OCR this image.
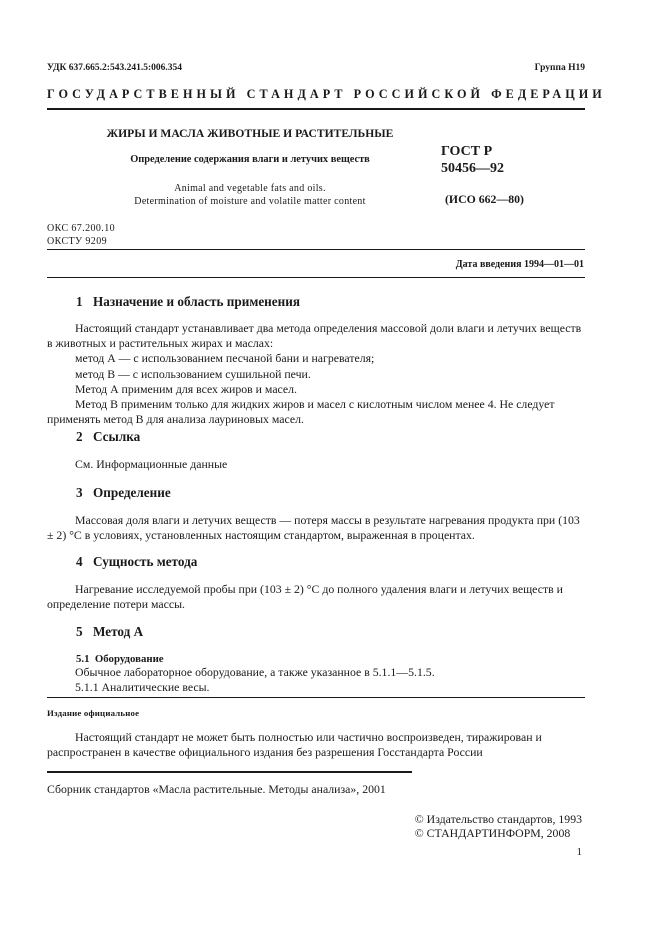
УДК 637.665.2:543.241.5:006.354	Группа Н19
ГОСУДАРСТВЕННЫЙ СТАНДАРТ РОССИЙСКОЙ ФЕДЕРАЦИИ
ЖИРЫ И МАСЛА ЖИВОТНЫЕ И РАСТИТЕЛЬНЫЕ
Определение содержания влаги и летучих веществ
Animal and vegetable fats and oils.
Determination of moisture and volatile matter content
ГОСТ Р
50456—92
(ИСО 662—80)
ОКС 67.200.10
ОКСТУ 9209
Дата введения 1994—01—01
1 Назначение и область применения

Настоящий стандарт устанавливает два метода определения массовой доли влаги и летучих веществ в животных и растительных жирах и маслах:

метод А — с использованием песчаной бани и нагревателя;

метод В — с использованием сушильной печи.

Метод А применим для всех жиров и масел.

Метод В применим только для жидких жиров и масел с кислотным числом менее 4. Не следует применять метод В для анализа лауриновых масел.

2 Ссылка

См. Информационные данные

3 Определение

Массовая доля влаги и летучих веществ — потеря массы в результате нагревания продукта при (103 ± 2) °С в условиях, установленных настоящим стандартом, выраженная в процентах.

4 Сущность метода

Нагревание исследуемой пробы при (103 ± 2) °С до полного удаления влаги и летучих веществ и определение потери массы.

5 Метод А
5.1 Оборудование

Обычное лабораторное оборудование, а также указанное в 5.1.1—5.1.5.

5.1.1 Аналитические весы.

Издание официальное

Настоящий стандарт не может быть полностью или частично воспроизведен, тиражирован и распространен в качестве официального издания без разрешения Госстандарта России

Сборник стандартов «Масла растительные. Методы анализа», 2001
© Издательство стандартов, 1993
© СТАНДАРТИНФОРМ, 2008
1
